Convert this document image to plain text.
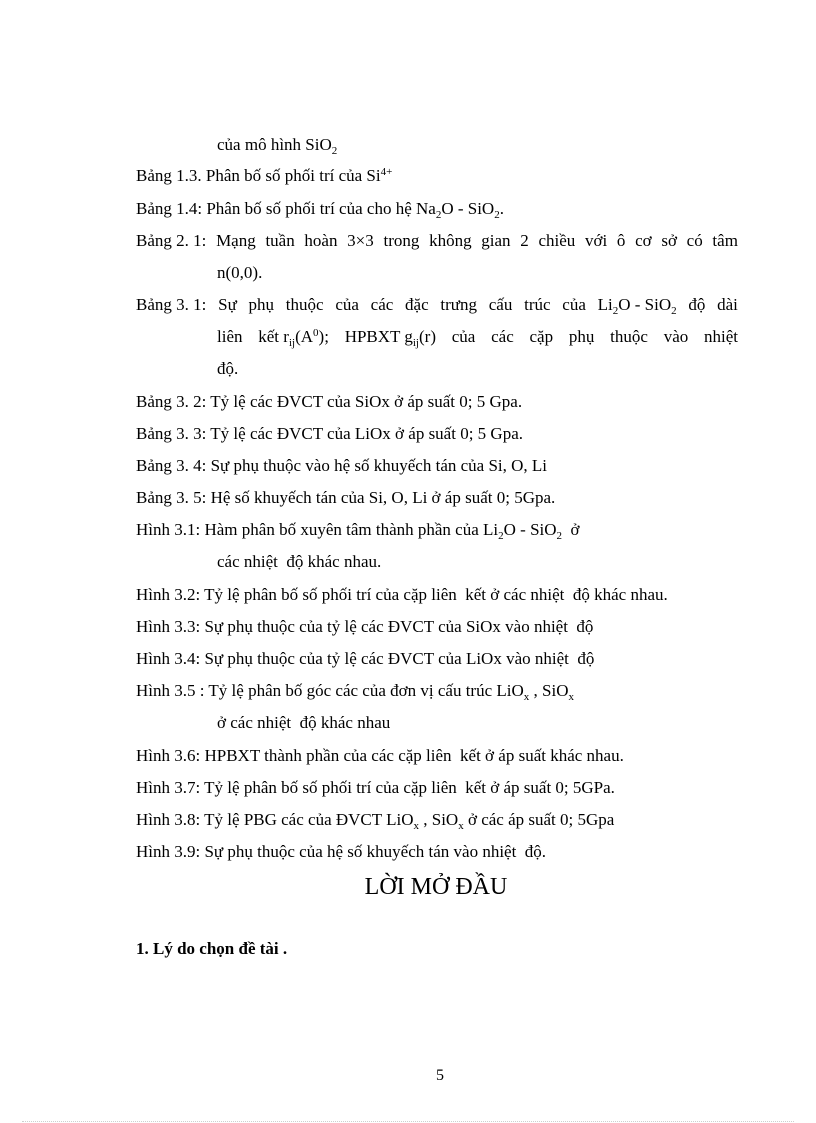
của mô hình SiO$_2$
Bảng 1.3. Phân bố số phối trí của $Si^{4+}$
Bảng 1.4: Phân bố số phối trí của cho hệ $Na_2O - SiO_2$.
Bảng 2. 1: Mạng tuần hoàn 3×3 trong không gian 2 chiều với ô cơ sở có tâm
n(0,0).
Bảng 3. 1: Sự phụ thuộc của các đặc trưng cấu trúc của $Li_2O - SiO_2$ độ dài
liên kết $r_{ij}(A^0)$; HPBXT $g_{ij}(r)$ của các cặp phụ thuộc vào nhiệt
độ.
Bảng 3. 2: Tỷ lệ các ĐVCT của SiOx ở áp suất 0; 5 Gpa.
Bảng 3. 3: Tỷ lệ các ĐVCT của LiOx ở áp suất 0; 5 Gpa.
Bảng 3. 4: Sự phụ thuộc vào hệ số khuyếch tán của Si, O, Li
Bảng 3. 5: Hệ số khuyếch tán của Si, O, Li ở áp suất 0; 5Gpa.
Hình 3.1: Hàm phân bố xuyên tâm thành phần của $Li_2O - SiO_2$  ở
các nhiệt  độ khác nhau.
Hình 3.2: Tỷ lệ phân bố số phối trí của cặp liên  kết ở các nhiệt  độ khác nhau.
Hình 3.3: Sự phụ thuộc của tỷ lệ các ĐVCT của SiOx vào nhiệt  độ
Hình 3.4: Sự phụ thuộc của tỷ lệ các ĐVCT của LiOx vào nhiệt  độ
Hình 3.5 : Tỷ lệ phân bố góc các của đơn vị cấu trúc LiO$_x$ , SiO$_x$
ở các nhiệt  độ khác nhau
Hình 3.6: HPBXT thành phần của các cặp liên  kết ở áp suất khác nhau.
Hình 3.7: Tỷ lệ phân bố số phối trí của cặp liên  kết ở áp suất 0; 5GPa.
Hình 3.8: Tỷ lệ PBG các của ĐVCT LiO$_x$ , SiO$_x$ ở các áp suất 0; 5Gpa
Hình 3.9: Sự phụ thuộc của hệ số khuyếch tán vào nhiệt  độ.
LỜI MỞ ĐẦU
1. Lý do chọn đề tài .
5
